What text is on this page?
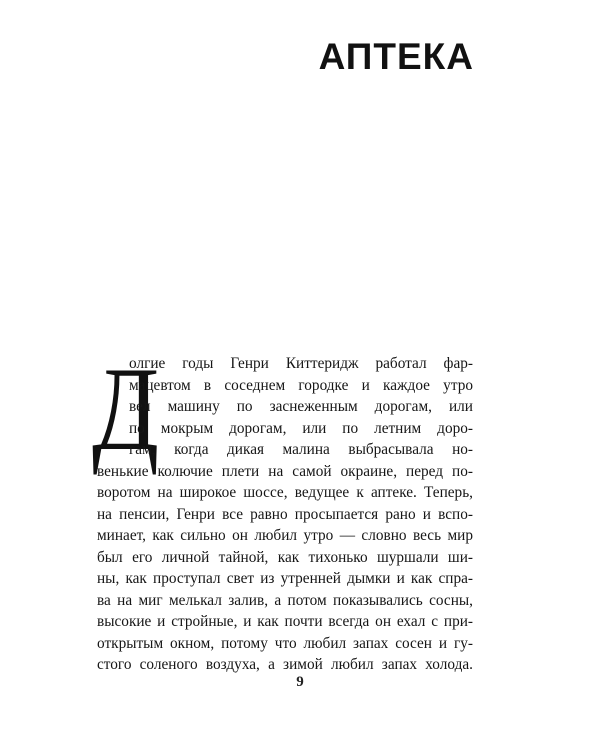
АПТЕКА
Д
олгие годы Генри Киттеридж работал фар-
мацевтом в соседнем городке и каждое утро
вел машину по заснеженным дорогам, или
по мокрым дорогам, или по летним доро-
гам, когда дикая малина выбрасывала но-
венькие колючие плети на самой окраине, перед по-
воротом на широкое шоссе, ведущее к аптеке. Теперь,
на пенсии, Генри все равно просыпается рано и вспо-
минает, как сильно он любил утро — словно весь мир
был его личной тайной, как тихонько шуршали ши-
ны, как проступал свет из утренней дымки и как спра-
ва на миг мелькал залив, а потом показывались сосны,
высокие и стройные, и как почти всегда он ехал с при-
открытым окном, потому что любил запах сосен и гу-
стого соленого воздуха, а зимой любил запах холода.
9
